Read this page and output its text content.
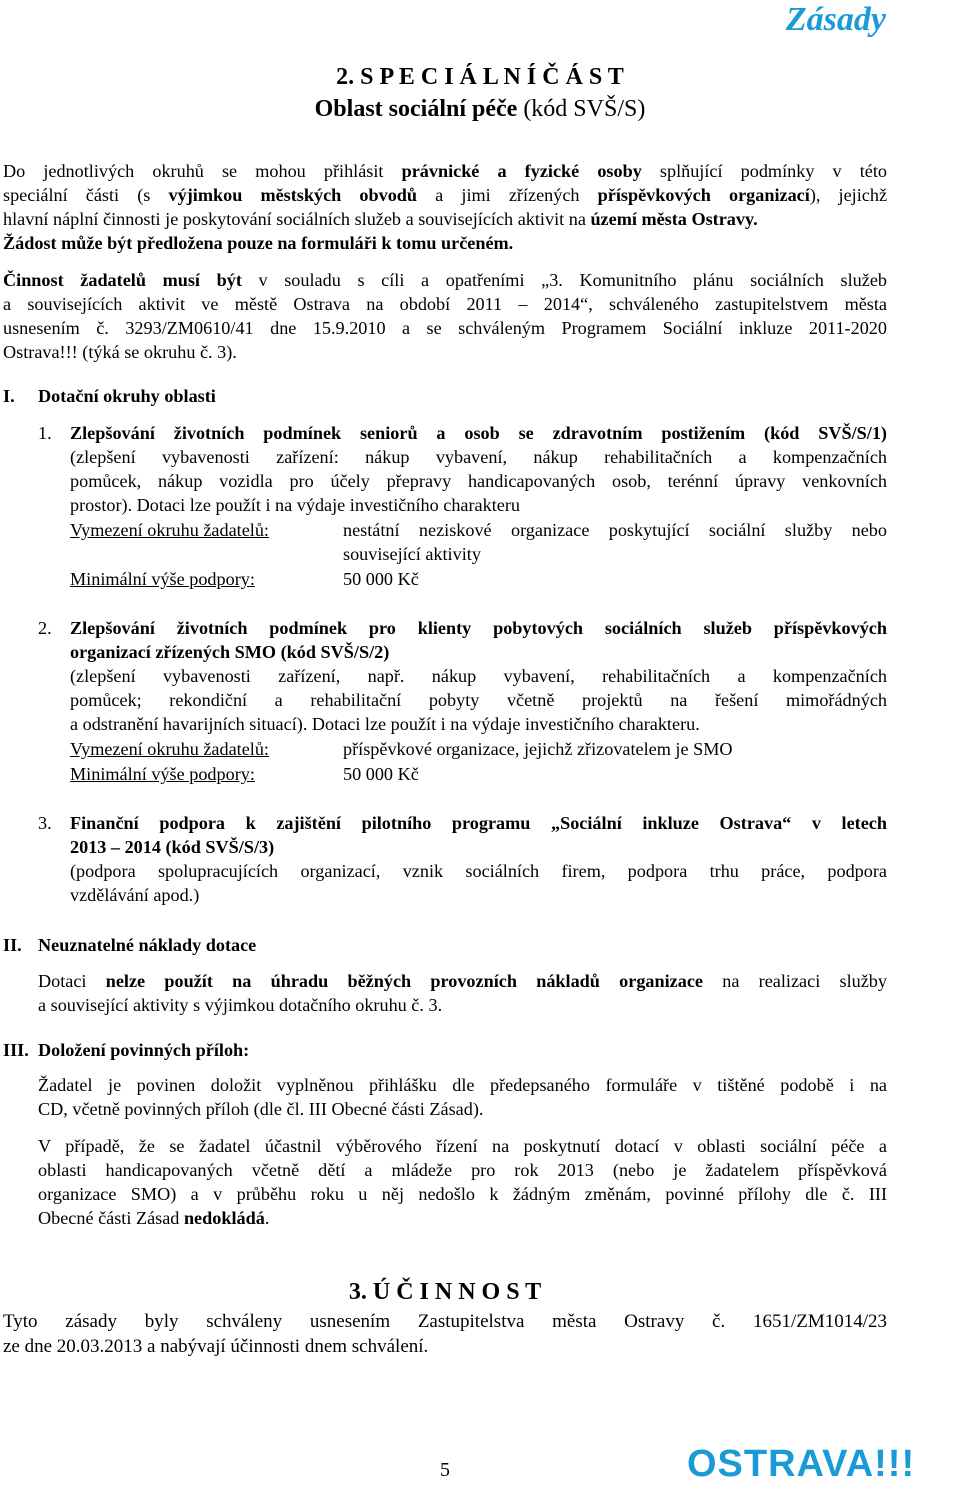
Zásady
2. S P E C I Á L N Í Č Á S T
Oblast sociální péče (kód SVŠ/S)
Do jednotlivých okruhů se mohou přihlásit právnické a fyzické osoby splňující podmínky v této
speciální části (s výjimkou městských obvodů a jimi zřízených příspěvkových organizací), jejichž
hlavní náplní činnosti je poskytování sociálních služeb a souvisejících aktivit na území města Ostravy.
Žádost může být předložena pouze na formuláři k tomu určeném.
Činnost žadatelů musí být v souladu s cíli a opatřeními „3. Komunitního plánu sociálních služeb
a souvisejících aktivit ve městě Ostrava na období 2011 – 2014“, schváleného zastupitelstvem města
usnesením č. 3293/ZM0610/41 dne 15.9.2010 a se schváleným Programem Sociální inkluze 2011-2020
Ostrava!!! (týká se okruhu č. 3).
I. Dotační okruhy oblasti
1. Zlepšování životních podmínek seniorů a osob se zdravotním postižením (kód SVŠ/S/1)
(zlepšení vybavenosti zařízení: nákup vybavení, nákup rehabilitačních a kompenzačních
pomůcek, nákup vozidla pro účely přepravy handicapovaných osob, terénní úpravy venkovních
prostor). Dotaci lze použít i na výdaje investičního charakteru
Vymezení okruhu žadatelů:	nestátní neziskové organizace poskytující sociální služby nebo
související aktivity
Minimální výše podpory:	50 000 Kč
2. Zlepšování životních podmínek pro klienty pobytových sociálních služeb příspěvkových
organizací zřízených SMO (kód SVŠ/S/2)
(zlepšení vybavenosti zařízení, např. nákup vybavení, rehabilitačních a kompenzačních
pomůcek; rekondiční a rehabilitační pobyty včetně projektů na řešení mimořádných
a odstranění havarijních situací). Dotaci lze použít i na výdaje investičního charakteru.
Vymezení okruhu žadatelů:	příspěvkové organizace, jejichž zřizovatelem je SMO
Minimální výše podpory:	50 000 Kč
3. Finanční podpora k zajištění pilotního programu „Sociální inkluze Ostrava“ v letech
2013 – 2014 (kód SVŠ/S/3)
(podpora spolupracujících organizací, vznik sociálních firem, podpora trhu práce, podpora
vzdělávání apod.)
II. Neuznatelné náklady dotace
Dotaci nelze použít na úhradu běžných provozních nákladů organizace na realizaci služby
a související aktivity s výjimkou dotačního okruhu č. 3.
III. Doložení povinných příloh:
Žadatel je povinen doložit vyplněnou přihlášku dle předepsaného formuláře v tištěné podobě i na
CD, včetně povinných příloh (dle čl. III Obecné části Zásad).
V případě, že se žadatel účastnil výběrového řízení na poskytnutí dotací v oblasti sociální péče a
oblasti handicapovaných včetně dětí a mládeže pro rok 2013 (nebo je žadatelem příspěvková
organizace SMO) a v průběhu roku u něj nedošlo k žádným změnám, povinné přílohy dle č. III
Obecné části Zásad nedokládá.
3. Ú Č I N N O S T
Tyto zásady byly schváleny usnesením Zastupitelstva města Ostravy č. 1651/ZM1014/23
ze dne 20.03.2013 a nabývají účinnosti dnem schválení.
5	OSTRAVA!!!
